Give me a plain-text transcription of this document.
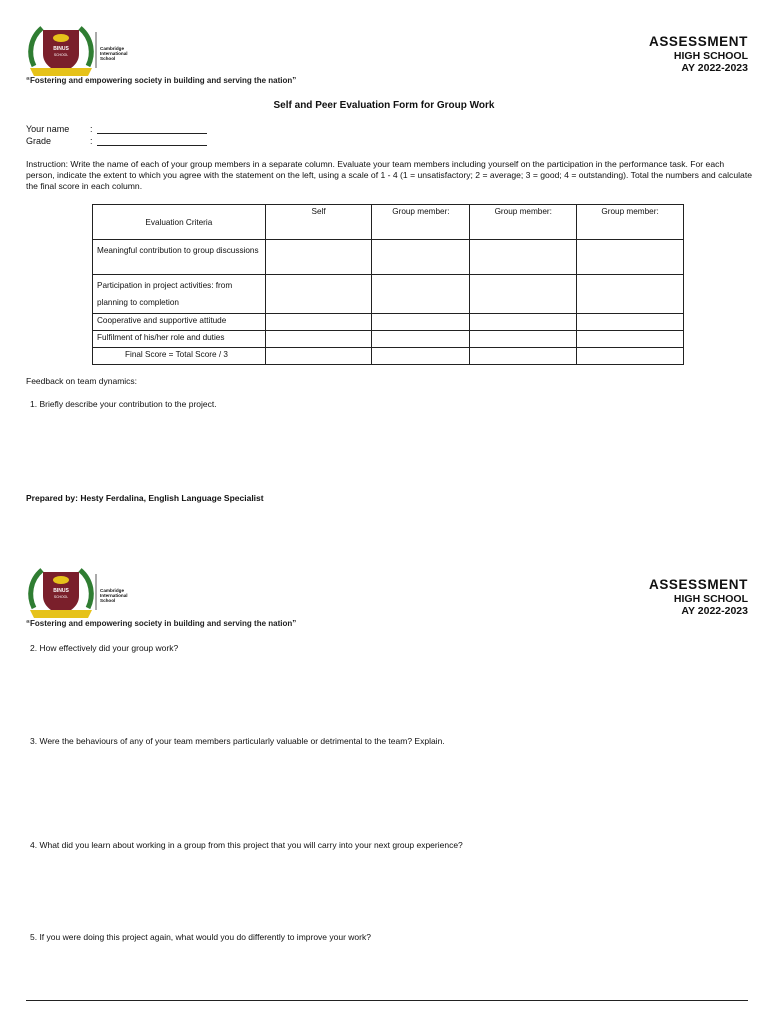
Cambridge
International
School
BINUS
SCHOOL
ASSESSMENT
HIGH SCHOOL
AY 2022-2023
“Fostering and empowering society in building and serving the nation”
Self and Peer Evaluation Form for Group Work
Your name :
Grade	:
Instruction: Write the name of each of your group members in a separate column. Evaluate your team members including yourself on the participation in the performance task. For each person, indicate the extent to which you agree with the statement on the left, using a scale of 1 - 4 (1 = unsatisfactory; 2 = average; 3 = good; 4 = outstanding). Total the numbers and calculate the final score in each column.
Evaluation Criteria	Self	Group member:	Group member:	Group member:
Meaningful contribution to group discussions				
Participation in project activities: from planning to completion				
Cooperative and supportive attitude				
Fulfilment of his/her role and duties				
Final Score = Total Score / 3				
Feedback on team dynamics:
1. Briefly describe your contribution to the project.
Prepared by: Hesty Ferdalina, English Language Specialist
Cambridge
International
School
BINUS
SCHOOL
ASSESSMENT
HIGH SCHOOL
AY 2022-2023
“Fostering and empowering society in building and serving the nation”
2. How effectively did your group work?
3. Were the behaviours of any of your team members particularly valuable or detrimental to the team? Explain.
4. What did you learn about working in a group from this project that you will carry into your next group experience?
5. If you were doing this project again, what would you do differently to improve your work?
